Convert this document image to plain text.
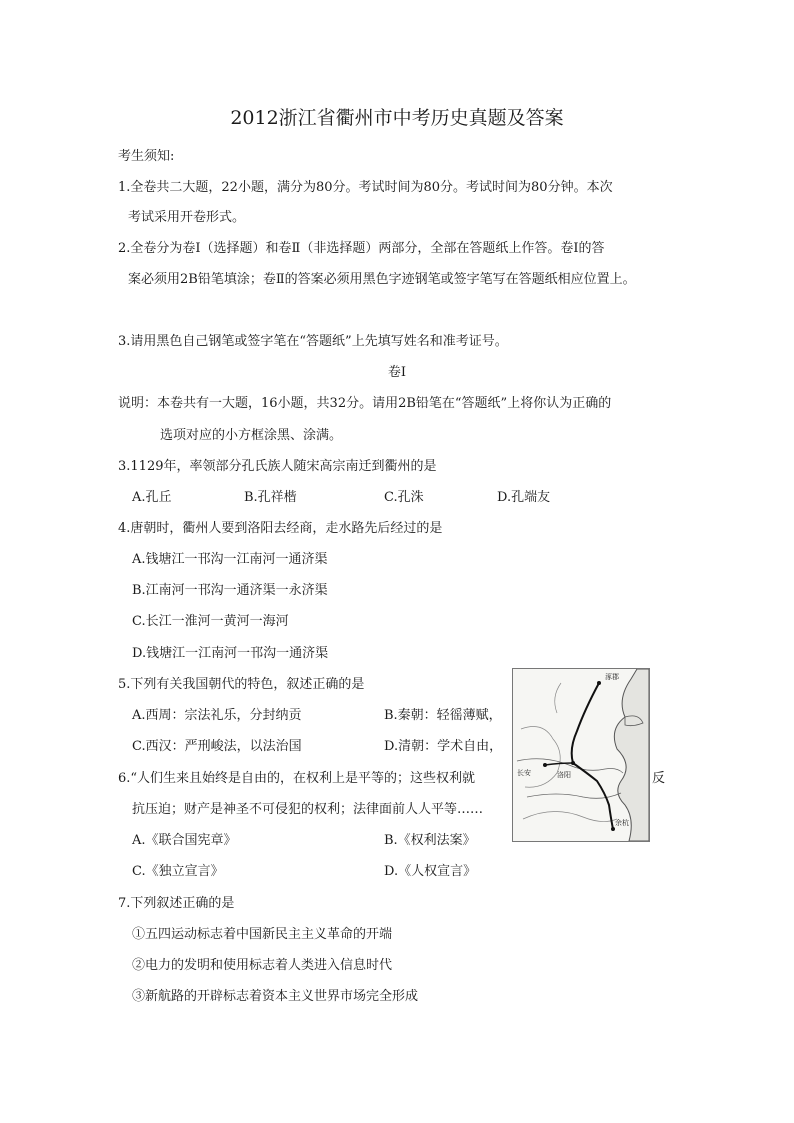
2012浙江省衢州市中考历史真题及答案
考生须知:
1.全卷共二大题，22小题，满分为80分。考试时间为80分。考试时间为80分钟。本次
考试采用开卷形式。
2.全卷分为卷Ⅰ（选择题）和卷Ⅱ（非选择题）两部分，全部在答题纸上作答。卷Ⅰ的答
案必须用2B铅笔填涂；卷Ⅱ的答案必须用黑色字迹钢笔或签字笔写在答题纸相应位置上。
3.请用黑色自己钢笔或签字笔在“答题纸”上先填写姓名和准考证号。
卷Ⅰ
说明：本卷共有一大题，16小题，共32分。请用2B铅笔在“答题纸”上将你认为正确的
选项对应的小方框涂黑、涂满。
3.1129年，率领部分孔氏族人随宋高宗南迁到衢州的是
A.孔丘	B.孔祥楷	C.孔洙	D.孔端友
4.唐朝时，衢州人要到洛阳去经商，走水路先后经过的是
A.钱塘江一邗沟一江南河一通济渠
B.江南河一邗沟一通济渠一永济渠
C.长江一淮河一黄河一海河
D.钱塘江一江南河一邗沟一通济渠
5.下列有关我国朝代的特色，叙述正确的是
A.西周：宗法礼乐，分封纳贡	B.秦朝：轻徭薄赋，
C.西汉：严刑峻法，以法治国	D.清朝：学术自由，
6.“人们生来且始终是自由的，在权利上是平等的；这些权利就	反
抗压迫；财产是神圣不可侵犯的权利；法律面前人人平等……
A.《联合国宪章》	B.《权利法案》
C.《独立宣言》	D.《人权宣言》
7.下列叙述正确的是
①五四运动标志着中国新民主主义革命的开端
②电力的发明和使用标志着人类进入信息时代
③新航路的开辟标志着资本主义世界市场完全形成
涿郡
长安	洛阳
余杭
